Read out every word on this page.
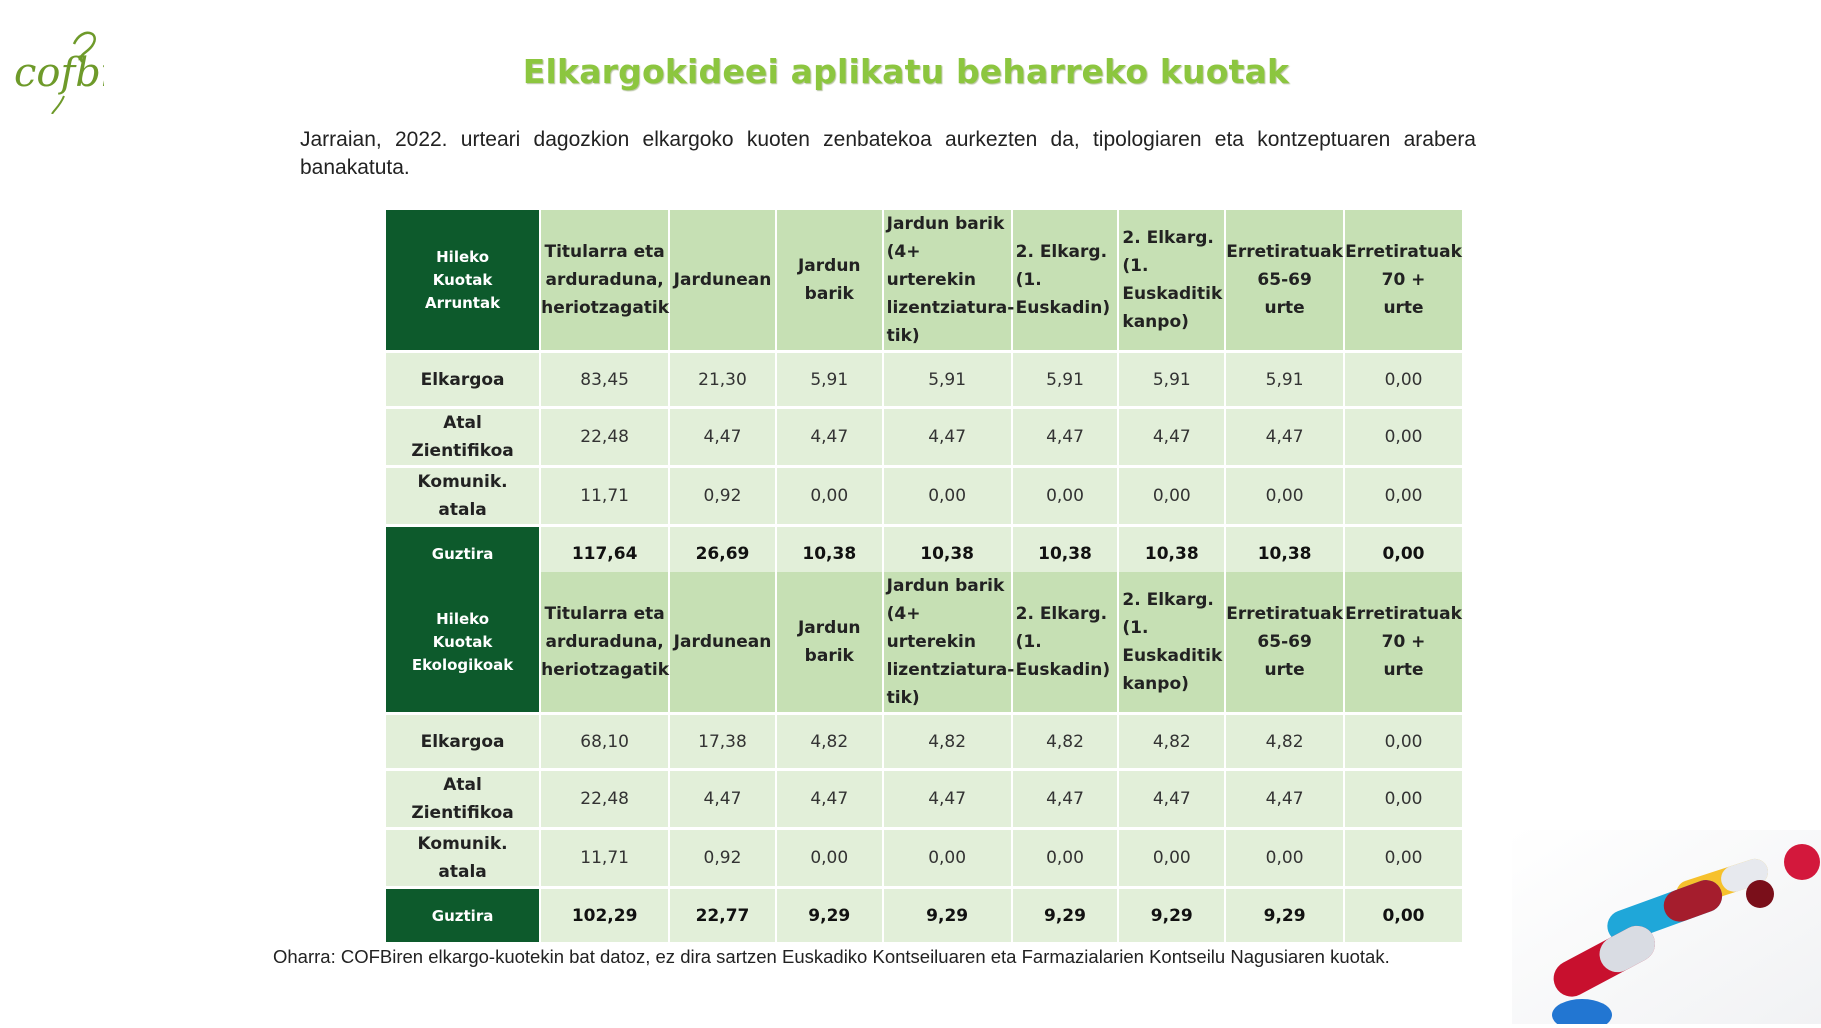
cofbi	Elkargokideei aplikatu beharreko kuotak
Jarraian, 2022. urteari dagozkion elkargoko kuoten zenbatekoa aurkezten da, tipologiaren eta kontzeptuaren arabera banakatuta.
Hileko
Kuotak
Arruntak	Titularra eta
arduraduna,
heriotzagatik	Jardunean	Jardun
barik	Jardun barik
(4+ urterekin
lizentziatura-
tik)	2. Elkarg.
(1.
Euskadin)	2. Elkarg.
(1.
Euskaditik
kanpo)	Erretiratuak
65-69
urte	Erretiratuak
70 +
urte
Elkargoa	83,45	21,30	5,91	5,91	5,91	5,91	5,91	0,00
Atal
Zientifikoa	22,48	4,47	4,47	4,47	4,47	4,47	4,47	0,00
Komunik.
atala	11,71	0,92	0,00	0,00	0,00	0,00	0,00	0,00
Guztira	117,64	26,69	10,38	10,38	10,38	10,38	10,38	0,00
Hileko
Kuotak
Ekologikoak	Titularra eta
arduraduna,
heriotzagatik	Jardunean	Jardun
barik	Jardun barik
(4+ urterekin
lizentziatura-
tik)	2. Elkarg.
(1.
Euskadin)	2. Elkarg.
(1.
Euskaditik
kanpo)	Erretiratuak
65-69
urte	Erretiratuak
70 +
urte
Elkargoa	68,10	17,38	4,82	4,82	4,82	4,82	4,82	0,00
Atal
Zientifikoa	22,48	4,47	4,47	4,47	4,47	4,47	4,47	0,00
Komunik.
atala	11,71	0,92	0,00	0,00	0,00	0,00	0,00	0,00
Guztira	102,29	22,77	9,29	9,29	9,29	9,29	9,29	0,00
Oharra: COFBiren elkargo-kuotekin bat datoz, ez dira sartzen Euskadiko Kontseiluaren eta Farmazialarien Kontseilu Nagusiaren kuotak.
